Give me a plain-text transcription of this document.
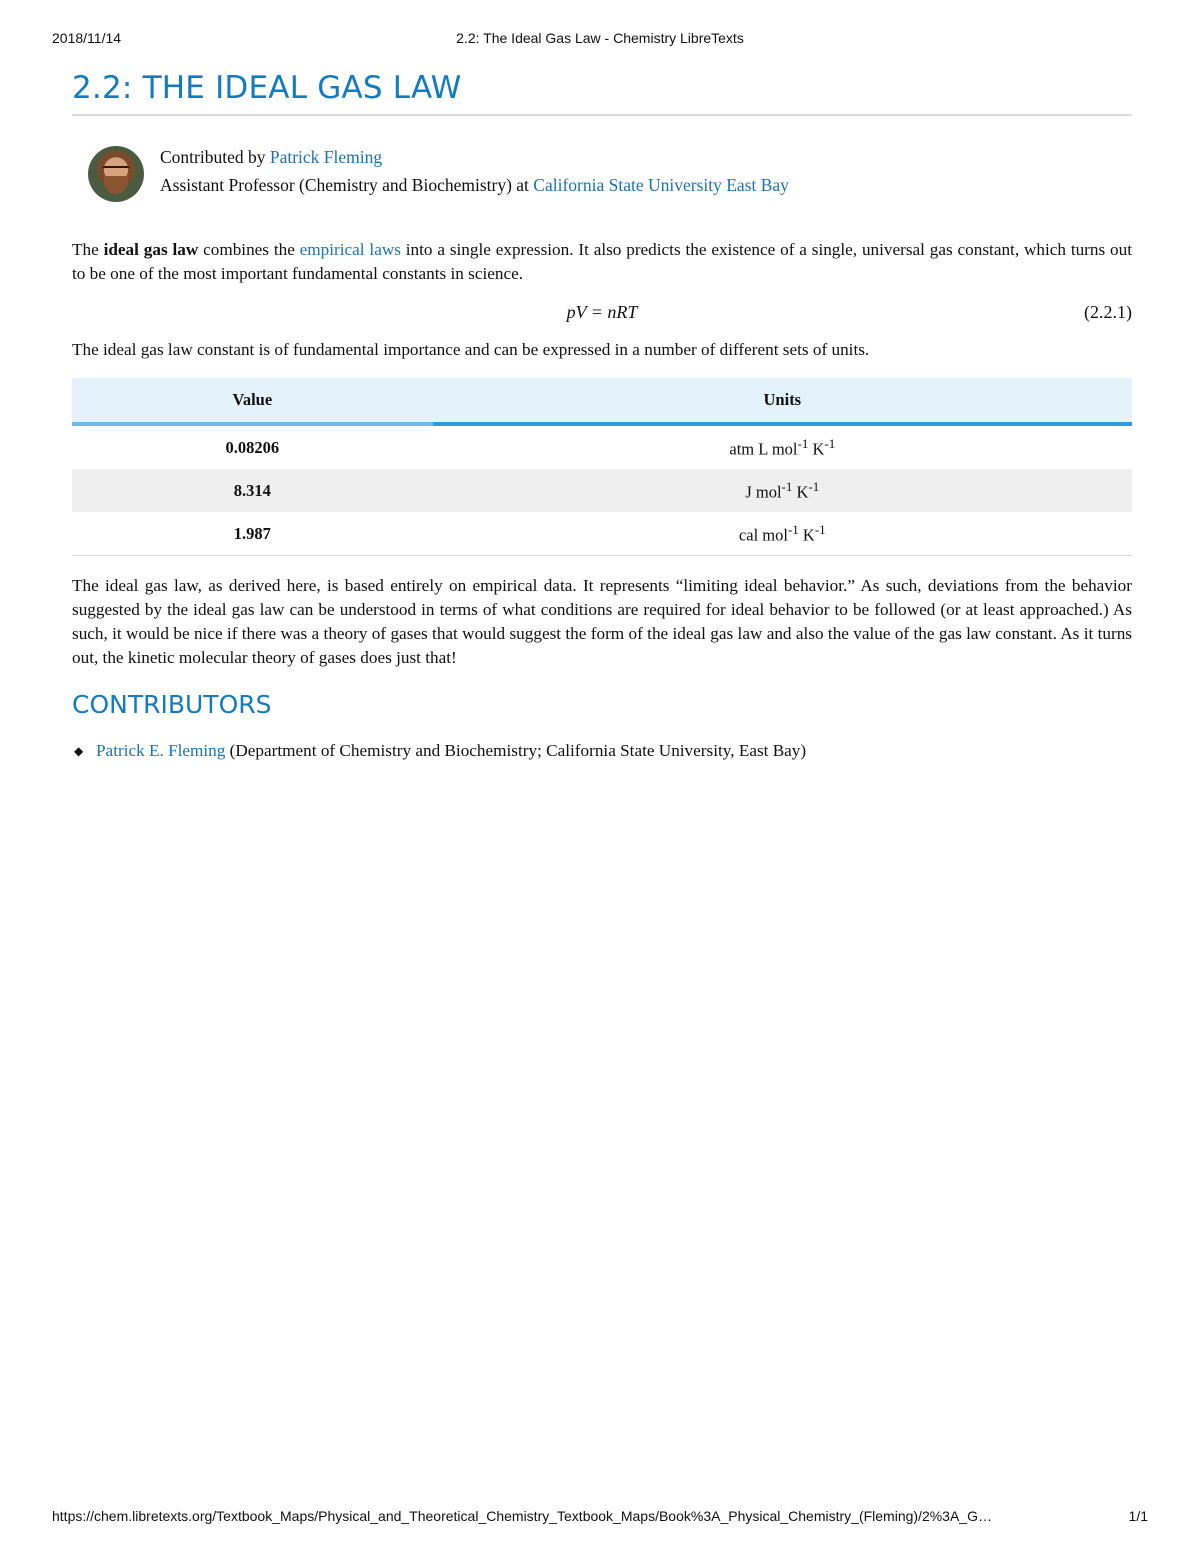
2018/11/14	2.2: The Ideal Gas Law - Chemistry LibreTexts
2.2: THE IDEAL GAS LAW
Contributed by Patrick Fleming
Assistant Professor (Chemistry and Biochemistry) at California State University East Bay

The ideal gas law combines the empirical laws into a single expression. It also predicts the existence of a single, universal gas constant, which turns out to be one of the most important fundamental constants in science.

pV = nRT	(2.2.1)

The ideal gas law constant is of fundamental importance and can be expressed in a number of different sets of units.

Value	Units
0.08206	atm L mol$^{-1}$ $K^{-1}$
8.314	J mol$^{-1}$ $K^{-1}$
1.987	cal mol$^{-1}$ $K^{-1}$

The ideal gas law, as derived here, is based entirely on empirical data. It represents “limiting ideal behavior.” As such, deviations from the behavior suggested by the ideal gas law can be understood in terms of what conditions are required for ideal behavior to be followed (or at least approached.) As such, it would be nice if there was a theory of gases that would suggest the form of the ideal gas law and also the value of the gas law constant. As it turns out, the kinetic molecular theory of gases does just that!

CONTRIBUTORS
◆ Patrick E. Fleming (Department of Chemistry and Biochemistry; California State University, East Bay)
https://chem.libretexts.org/Textbook_Maps/Physical_and_Theoretical_Chemistry_Textbook_Maps/Book%3A_Physical_Chemistry_(Fleming)/2%3A_G…	1/1
